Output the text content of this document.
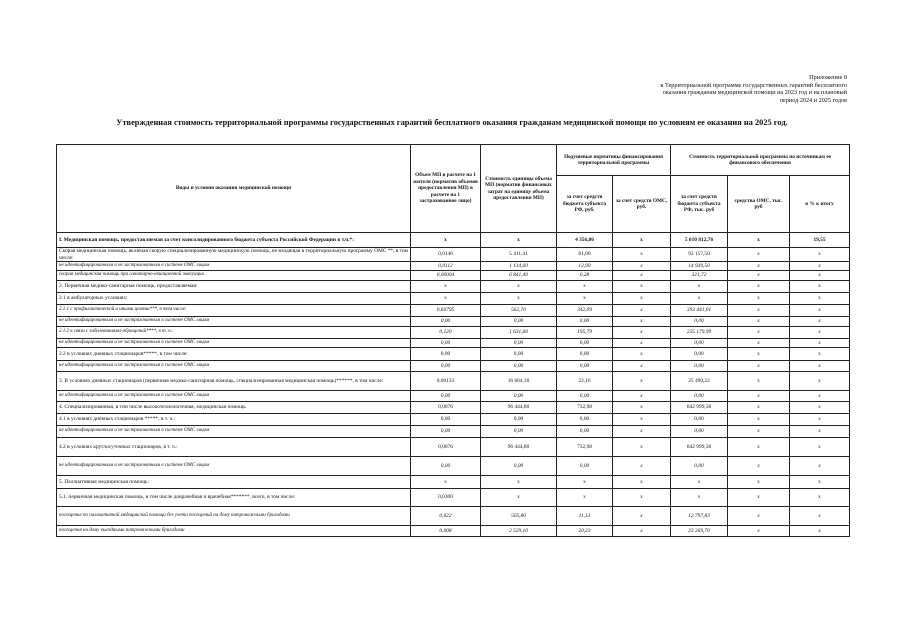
Приложение 8
к Территориальной программе государственных гарантий бесплатного
оказания гражданам медицинской помощи на 2023 год и на плановый
период 2024 и 2025 годов
Утвержденная стоимость территориальной программы государственных гарантий бесплатного оказания гражданам медицинской помощи по условиям ее оказания на 2025 год.
Виды и условия оказания медицинской помощи	Объем МП в расчете на 1 жителя (норматив объемов предоставления МП) в расчете на 1 застрахованное лицо)	Стоимость единицы объема МП (норматив финансовых затрат на единицу объема предоставления МП)	Подушевые нормативы финансирования территориальной программы		Стоимость территориальной программы по источникам ее финансового обеспечения		
			за счет средств бюджета субъекта РФ, руб.	за счет средств ОМС, руб.	за счет средств бюджета субъекта РФ, тыс. руб	средства ОМС, тыс. руб	в % к итогу
I. Медицинская помощь, предоставляемая за счет консолидированного бюджета субъекта Российской Федерации в т.ч.*:	х	х	4 356,86	х	5 010 812,76	х	19,55
Скорая медицинская помощь, включая скорую специализированную медицинскую помощь, не входящая в территориальную программу ОМС **, в том числе:	0,0146	5 411,41	81,00	х	93 157,50	х	х
не идентифицированным и не застрахованным в системе ОМС лицам	0,0112	1 134,60	12,99	х	14 939,50	х	х
скорая медицинская помощь при санитарно-авиационной эвакуации	0,00004	6 841,40	0,28	х	321,72	х	х
2. Первичная медико-санитарная помощь, предоставляемая:	х	х	х	х	х	х	х
2.1 в амбулаторных условиях:	х	х	х	х	х	х	х
2.1.1 с профилактической и иными целями***, в том числе:	0,60795	562,70	342,09	х	393 441,01	х	х
не идентифицированным и не застрахованным в системе ОМС лицам	0,00	0,00	0,00	х	0,00	х	х
2.1.2 в связи с заболеваниями-обращений****, в т. ч.:	0,120	1 631,60	195,79	х	225 179,99	х	х
не идентифицированным и не застрахованным в системе ОМС лицам	0,00	0,00	0,00	х	0,00	х	х
2.2 в условиях дневных стационаров*****, в том числе:	0,00	0,00	0,00	х	0,00	х	х
не идентифицированным и не застрахованным в системе ОМС лицам	0,00	0,00	0,00	х	0,00	х	х
3. В условиях дневных стационаров (первичная медико-санитарная помощь, специализированная медицинская помощь)******, в том числе:	0,00133	16 664,30	22,16	х	25 490,22	х	х
не идентифицированным и не застрахованным в системе ОМС лицам	0,00	0,00	0,00	х	0,00	х	х
4. Специализированная, в том числе высокотехнологичная, медицинская помощь	0,0076	96 444,80	732,98	х	842 999,38	х	х
4.1 в условиях дневных стационаров *****, в т. ч.:	0,00	0,00	0,00	х	0,00	х	х
не идентифицированным и не застрахованным в системе ОМС лицам	0,00	0,00	0,00	х	0,00	х	х
4.2 в условиях круглосуточных стационаров, в т. ч.:	0,0076	96 444,80	732,98	х	842 999,38	х	х
не идентифицированным и не застрахованным в системе ОМС лицам	0,00	0,00	0,00	х	0,00	х	х
5. Паллиативная медицинская помощь:	х	х	х	х	х	х	х
5.1. первичная медицинская помощь, в том числе доврачебная и врачебная*******, всего, в том числе:	0,0300	х	х	х	х	х	х
посещение по паллиативной медицинской помощи без учета посещений на дому патронажными бригадами	0,022	505,80	11,13	х	12 797,83	х	х
посещения на дому выездными патронажными бригадами	0,008	2 529,10	20,23	х	23 269,70	х	х
